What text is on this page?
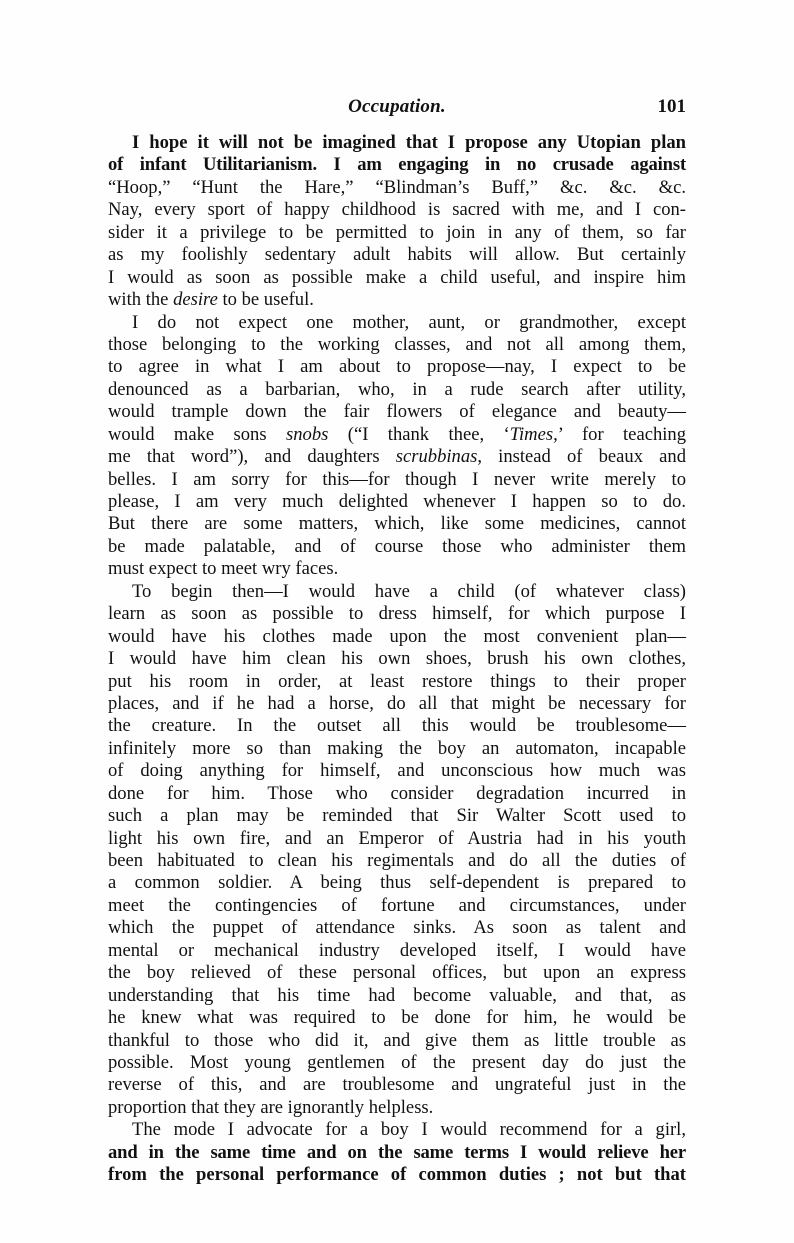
Occupation.	101
I hope it will not be imagined that I propose any Utopian plan
of infant Utilitarianism. I am engaging in no crusade against
“Hoop,” “Hunt the Hare,” “Blindman’s Buff,” &c. &c. &c.
Nay, every sport of happy childhood is sacred with me, and I con-
sider it a privilege to be permitted to join in any of them, so far
as my foolishly sedentary adult habits will allow. But certainly
I would as soon as possible make a child useful, and inspire him
with the desire to be useful.
I do not expect one mother, aunt, or grandmother, except
those belonging to the working classes, and not all among them,
to agree in what I am about to propose—nay, I expect to be
denounced as a barbarian, who, in a rude search after utility,
would trample down the fair flowers of elegance and beauty—
would make sons snobs (“I thank thee, ‘Times,’ for teaching
me that word”), and daughters scrubbinas, instead of beaux and
belles. I am sorry for this—for though I never write merely to
please, I am very much delighted whenever I happen so to do.
But there are some matters, which, like some medicines, cannot
be made palatable, and of course those who administer them
must expect to meet wry faces.
To begin then—I would have a child (of whatever class)
learn as soon as possible to dress himself, for which purpose I
would have his clothes made upon the most convenient plan—
I would have him clean his own shoes, brush his own clothes,
put his room in order, at least restore things to their proper
places, and if he had a horse, do all that might be necessary for
the creature. In the outset all this would be troublesome—
infinitely more so than making the boy an automaton, incapable
of doing anything for himself, and unconscious how much was
done for him. Those who consider degradation incurred in
such a plan may be reminded that Sir Walter Scott used to
light his own fire, and an Emperor of Austria had in his youth
been habituated to clean his regimentals and do all the duties of
a common soldier. A being thus self-dependent is prepared to
meet the contingencies of fortune and circumstances, under
which the puppet of attendance sinks. As soon as talent and
mental or mechanical industry developed itself, I would have
the boy relieved of these personal offices, but upon an express
understanding that his time had become valuable, and that, as
he knew what was required to be done for him, he would be
thankful to those who did it, and give them as little trouble as
possible. Most young gentlemen of the present day do just the
reverse of this, and are troublesome and ungrateful just in the
proportion that they are ignorantly helpless.
The mode I advocate for a boy I would recommend for a girl,
and in the same time and on the same terms I would relieve her
from the personal performance of common duties ; not but that
